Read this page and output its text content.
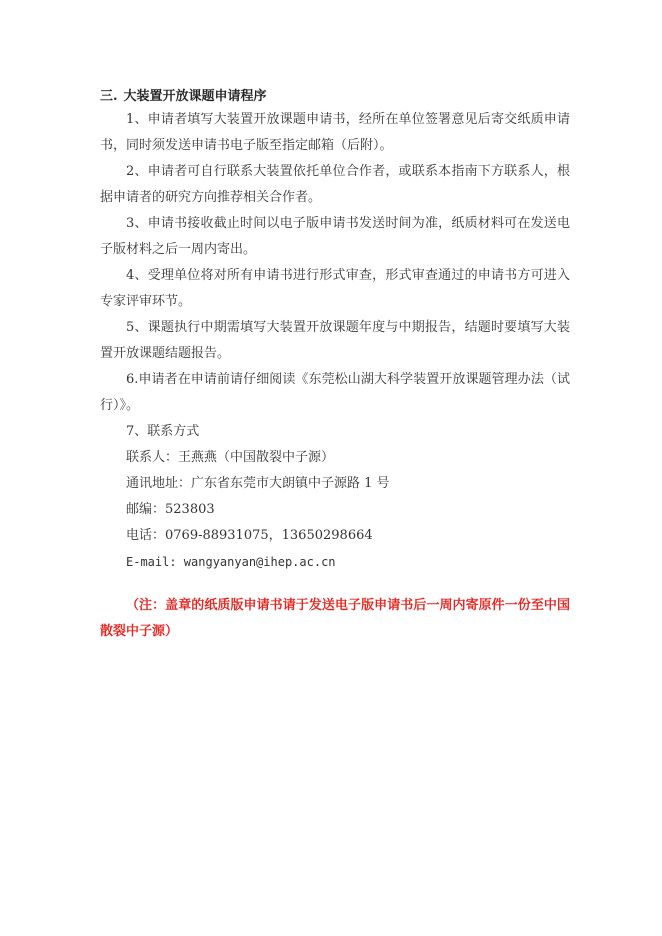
三. 大装置开放课题申请程序
1、申请者填写大装置开放课题申请书，经所在单位签署意见后寄交纸质申请书，同时须发送申请书电子版至指定邮箱（后附）。
2、申请者可自行联系大装置依托单位合作者，或联系本指南下方联系人，根据申请者的研究方向推荐相关合作者。
3、申请书接收截止时间以电子版申请书发送时间为准，纸质材料可在发送电子版材料之后一周内寄出。
4、受理单位将对所有申请书进行形式审查，形式审查通过的申请书方可进入专家评审环节。
5、课题执行中期需填写大装置开放课题年度与中期报告，结题时要填写大装置开放课题结题报告。
6.申请者在申请前请仔细阅读《东莞松山湖大科学装置开放课题管理办法（试行）》。
7、联系方式
联系人：王燕燕（中国散裂中子源）
通讯地址：广东省东莞市大朗镇中子源路 1 号
邮编：523803
电话：0769-88931075，13650298664
E-mail: wangyanyan@ihep.ac.cn
（注：盖章的纸质版申请书请于发送电子版申请书后一周内寄原件一份至中国散裂中子源）
